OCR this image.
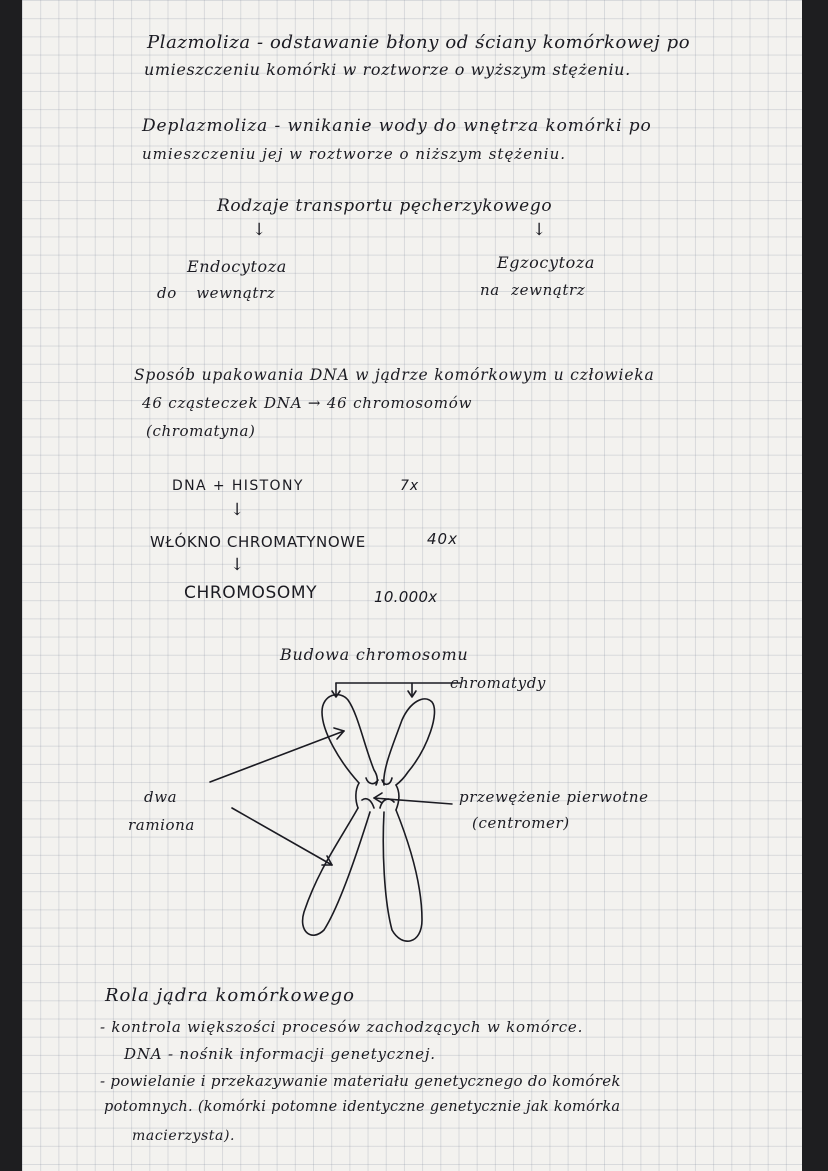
Plazmoliza - odstawanie błony od ściany komórkowej po
umieszczeniu komórki w roztworze o wyższym stężeniu.
Deplazmoliza - wnikanie wody do wnętrza komórki po
umieszczeniu jej w roztworze o niższym stężeniu.
Rodzaje transportu pęcherzykowego
↓	↓
Endocytoza
do wewnątrz
Egzocytoza
na zewnątrz
Sposób upakowania DNA w jądrze komórkowym u człowieka
46 cząsteczek DNA → 46 chromosomów
(chromatyna)
DNA + HISTONY	7x
↓
WŁÓKNO CHROMATYNOWE	40x
↓
CHROMOSOMY	10.000x
Budowa chromosomu
chromatydy
dwa
ramiona
przewężenie pierwotne
(centromer)
Rola jądra komórkowego
- kontrola większości procesów zachodzących w komórce.
DNA - nośnik informacji genetycznej.
- powielanie i przekazywanie materiału genetycznego do komórek
potomnych. (komórki potomne identyczne genetycznie jak komórka
macierzysta).
